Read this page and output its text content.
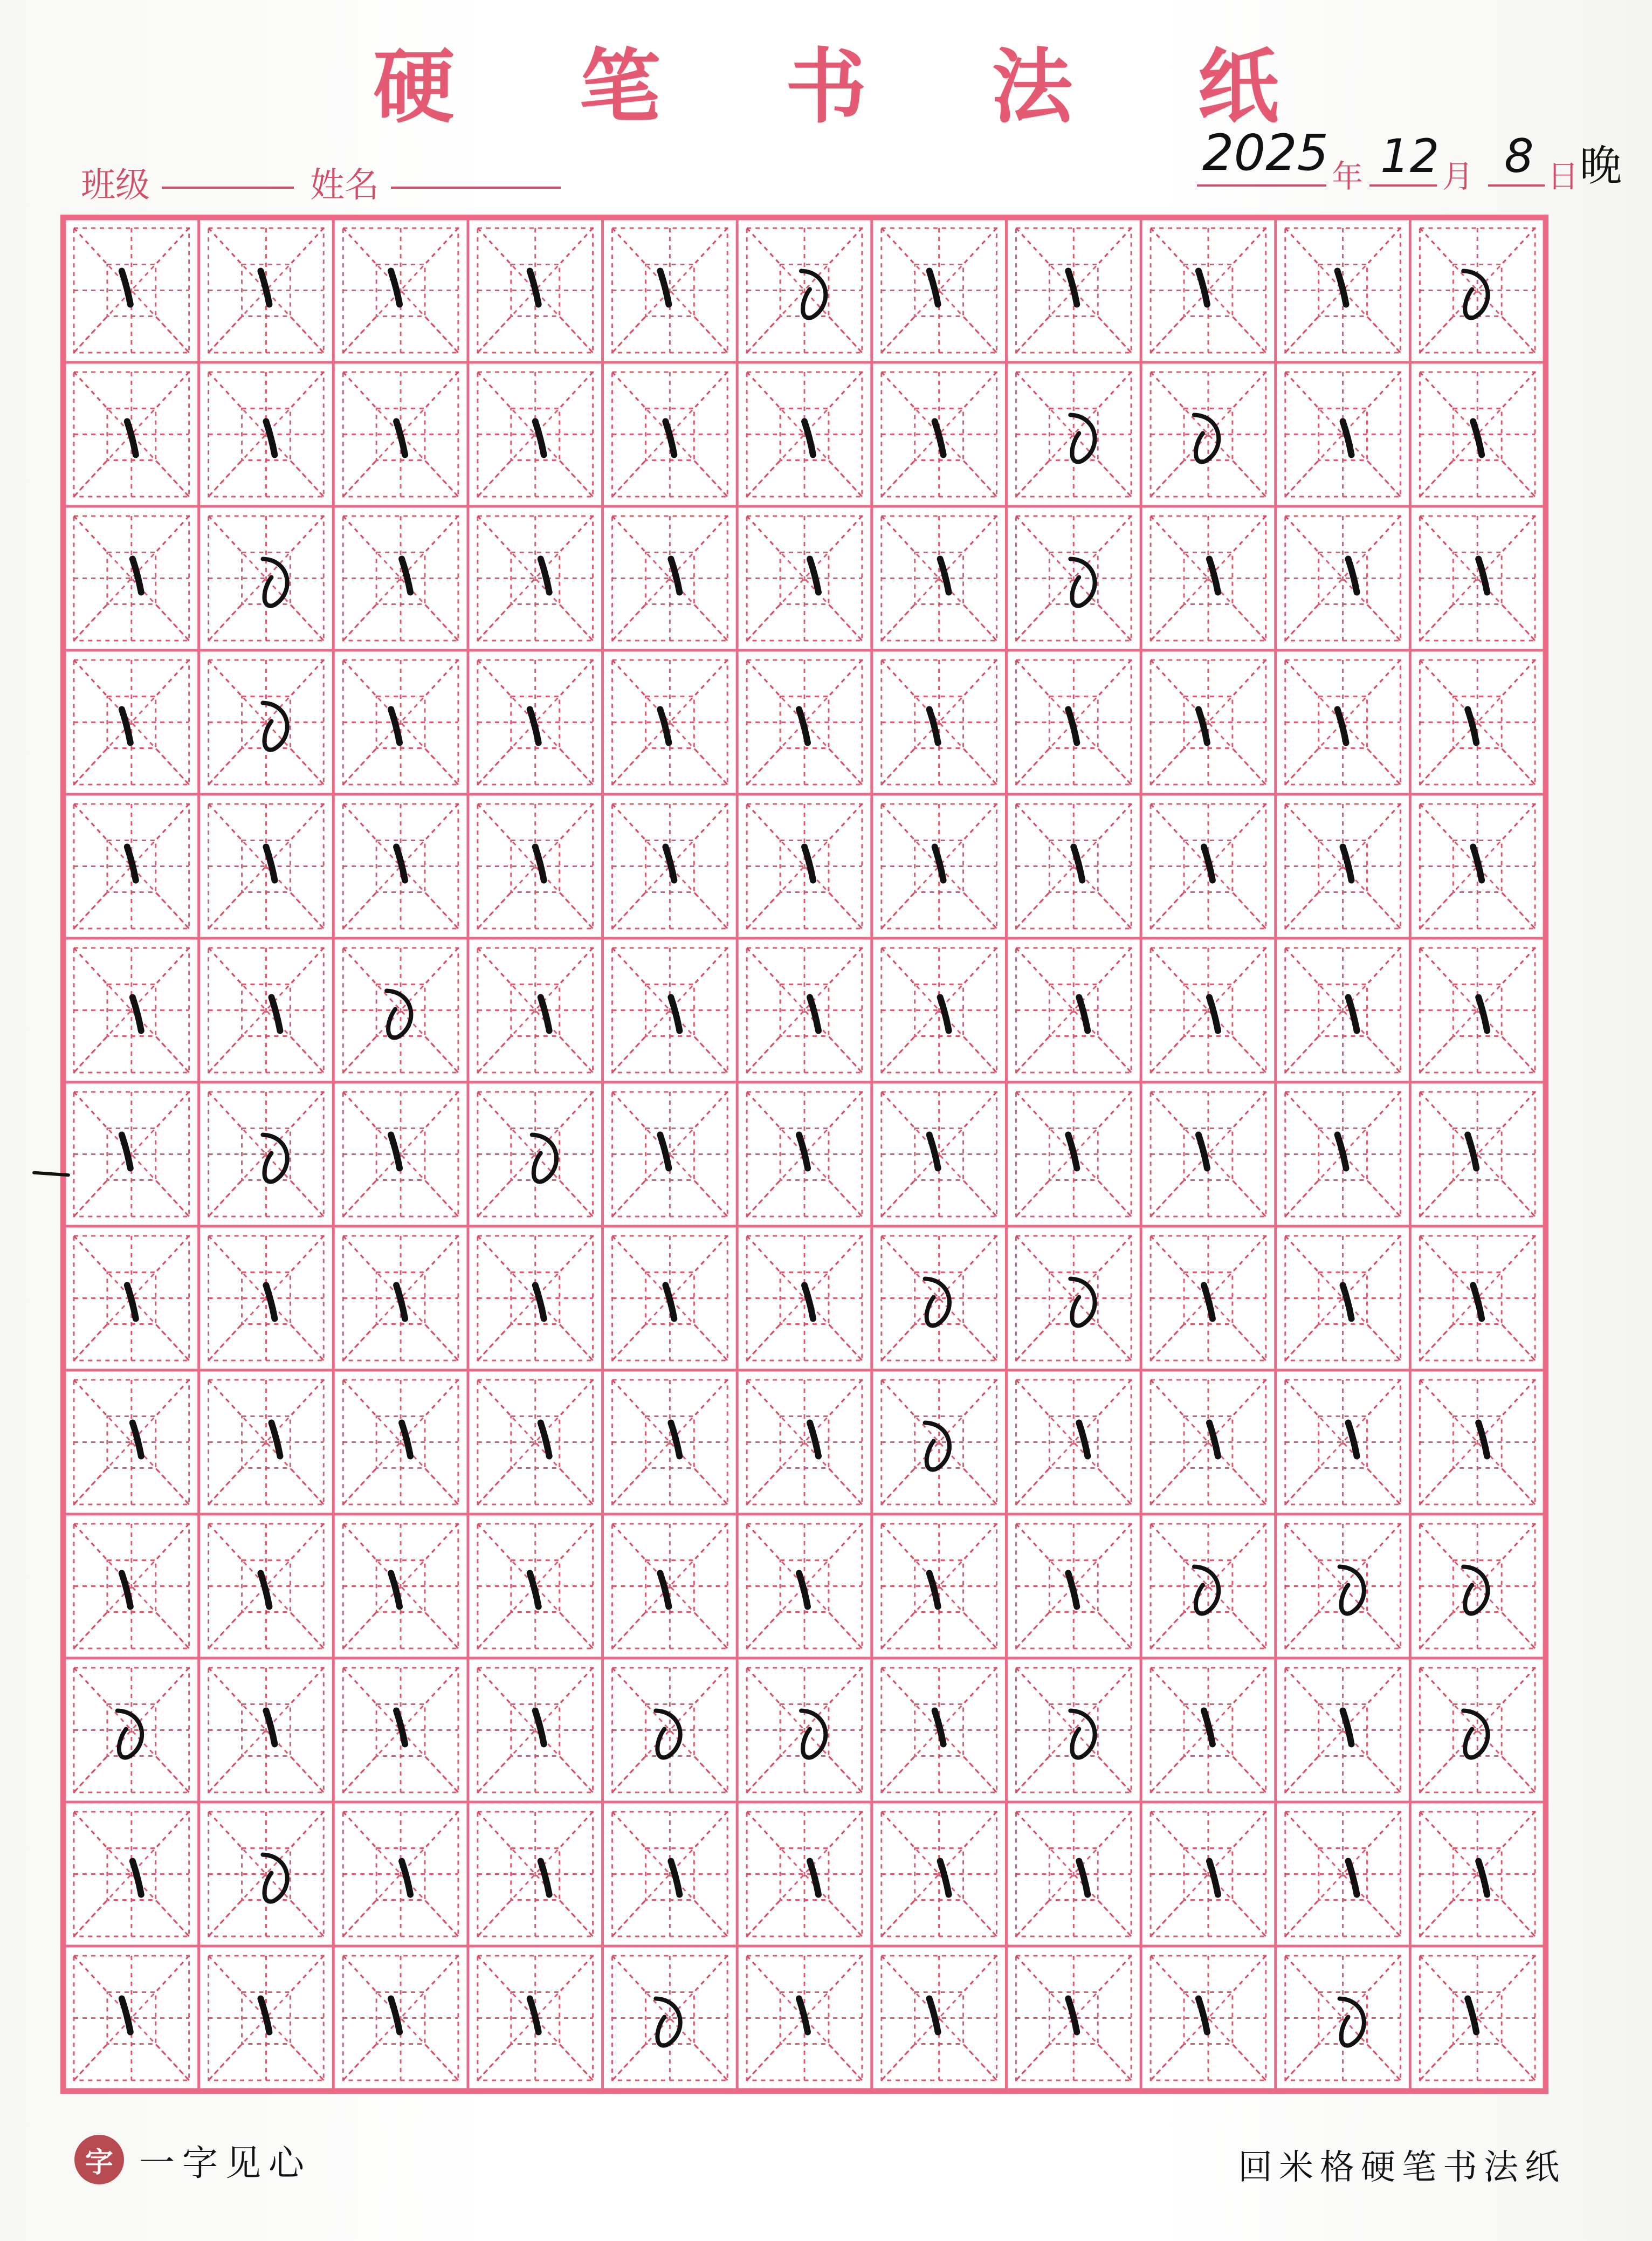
硬 笔 书 法 纸
班级	姓名
2025 年 12 月 8 日 晚
字 一字见心	回米格硬笔书法纸
